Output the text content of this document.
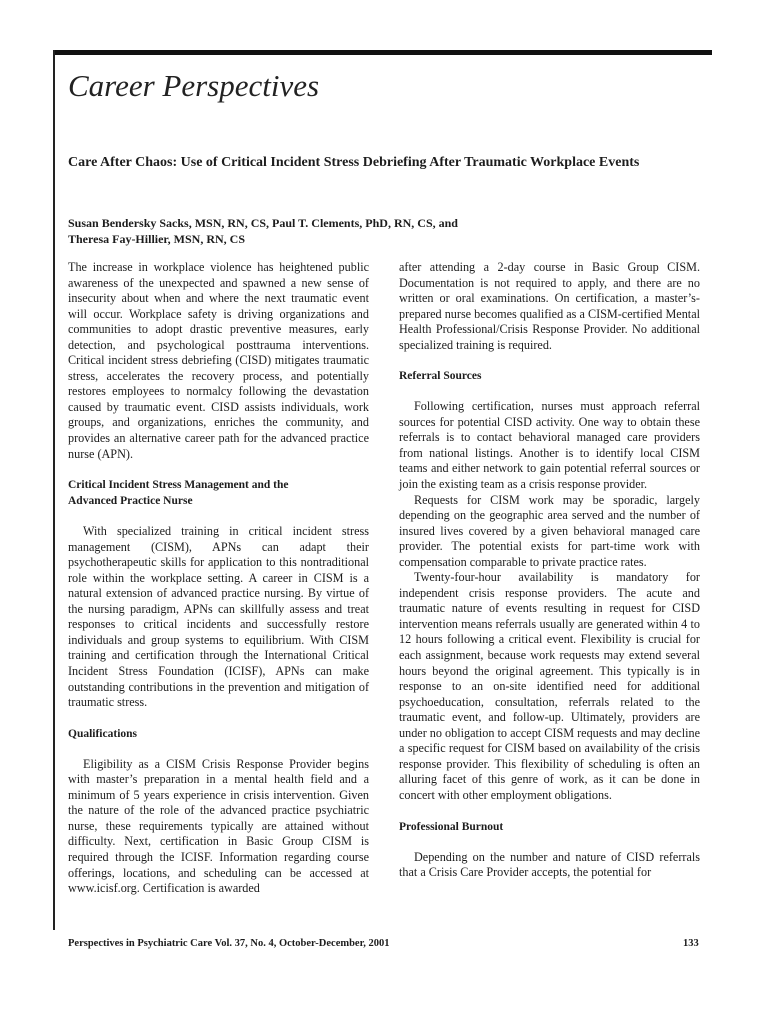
Career Perspectives
Care After Chaos: Use of Critical Incident Stress Debriefing After Traumatic Workplace Events
Susan Bendersky Sacks, MSN, RN, CS, Paul T. Clements, PhD, RN, CS, and
Theresa Fay-Hillier, MSN, RN, CS

The increase in workplace violence has heightened public awareness of the unexpected and spawned a new sense of insecurity about when and where the next traumatic event will occur. Workplace safety is driving organizations and communities to adopt drastic preventive measures, early detection, and psychological posttrauma interventions. Critical incident stress debriefing (CISD) mitigates traumatic stress, accelerates the recovery process, and potentially restores employees to normalcy following the devastation caused by traumatic event. CISD assists individuals, work groups, and organizations, enriches the community, and provides an alternative career path for the advanced practice nurse (APN).

Critical Incident Stress Management and the
Advanced Practice Nurse

With specialized training in critical incident stress management (CISM), APNs can adapt their psychotherapeutic skills for application to this nontraditional role within the workplace setting. A career in CISM is a natural extension of advanced practice nursing. By virtue of the nursing paradigm, APNs can skillfully assess and treat responses to critical incidents and successfully restore individuals and group systems to equilibrium. With CISM training and certification through the International Critical Incident Stress Foundation (ICISF), APNs can make outstanding contributions in the prevention and mitigation of traumatic stress.

Qualifications

Eligibility as a CISM Crisis Response Provider begins with master’s preparation in a mental health field and a minimum of 5 years experience in crisis intervention. Given the nature of the role of the advanced practice psychiatric nurse, these requirements typically are attained without difficulty. Next, certification in Basic Group CISM is required through the ICISF. Information regarding course offerings, locations, and scheduling can be accessed at www.icisf.org. Certification is awarded

after attending a 2-day course in Basic Group CISM. Documentation is not required to apply, and there are no written or oral examinations. On certification, a master’s-prepared nurse becomes qualified as a CISM-certified Mental Health Professional/Crisis Response Provider. No additional specialized training is required.

Referral Sources

Following certification, nurses must approach referral sources for potential CISD activity. One way to obtain these referrals is to contact behavioral managed care providers from national listings. Another is to identify local CISM teams and either network to gain potential referral sources or join the existing team as a crisis response provider.

Requests for CISM work may be sporadic, largely depending on the geographic area served and the number of insured lives covered by a given behavioral managed care provider. The potential exists for part-time work with compensation comparable to private practice rates.

Twenty-four-hour availability is mandatory for independent crisis response providers. The acute and traumatic nature of events resulting in request for CISD intervention means referrals usually are generated within 4 to 12 hours following a critical event. Flexibility is crucial for each assignment, because work requests may extend several hours beyond the original agreement. This typically is in response to an on-site identified need for additional psychoeducation, consultation, referrals related to the traumatic event, and follow-up. Ultimately, providers are under no obligation to accept CISM requests and may decline a specific request for CISM based on availability of the crisis response provider. This flexibility of scheduling is often an alluring facet of this genre of work, as it can be done in concert with other employment obligations.

Professional Burnout

Depending on the number and nature of CISD referrals that a Crisis Care Provider accepts, the potential for

Perspectives in Psychiatric Care Vol. 37, No. 4, October-December, 2001	133
